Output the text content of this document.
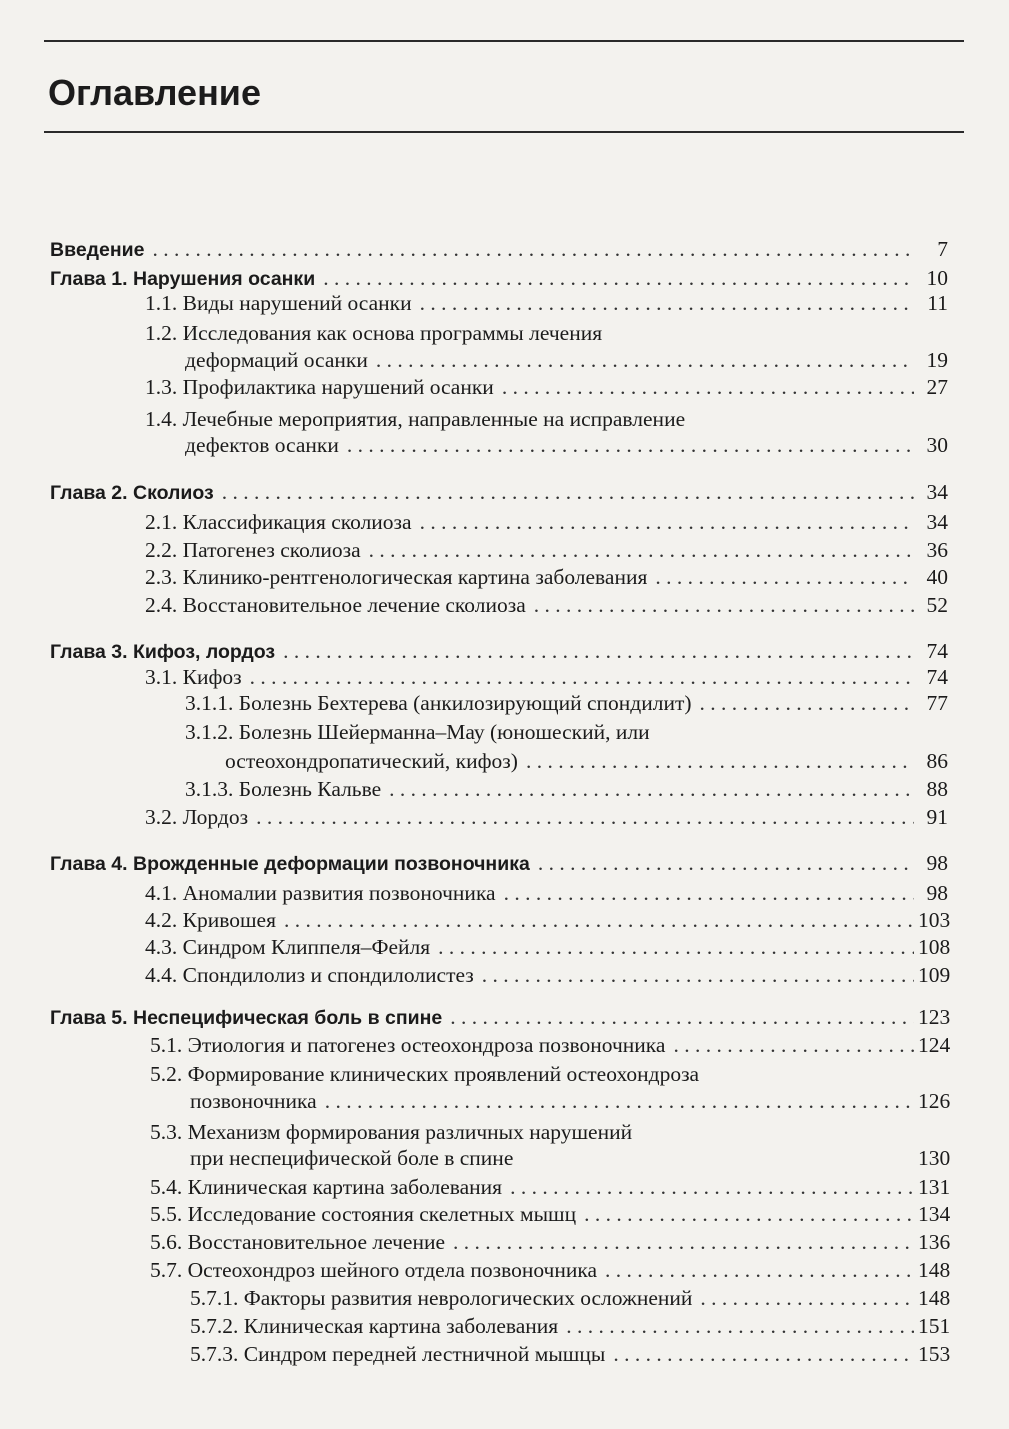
Оглавление
Введение . . .	7
Глава 1. Нарушения осанки . . .	10
1.1. Виды нарушений осанки . . .	11
1.2. Исследования как основа программы лечения
деформаций осанки . . .	19
1.3. Профилактика нарушений осанки . . .	27
1.4. Лечебные мероприятия, направленные на исправление
дефектов осанки . . .	30
Глава 2. Сколиоз . . .	34
2.1. Классификация сколиоза . . .	34
2.2. Патогенез сколиоза . . .	36
2.3. Клинико-рентгенологическая картина заболевания . . .	40
2.4. Восстановительное лечение сколиоза . . .	52
Глава 3. Кифоз, лордоз . . .	74
3.1. Кифоз . . .	74
3.1.1. Болезнь Бехтерева (анкилозирующий спондилит) . . .	77
3.1.2. Болезнь Шейерманна–Мау (юношеский, или
остеохондропатический, кифоз) . . .	86
3.1.3. Болезнь Кальве . . .	88
3.2. Лордоз . . .	91
Глава 4. Врожденные деформации позвоночника . . .	98
4.1. Аномалии развития позвоночника . . .	98
4.2. Кривошея . . .	103
4.3. Синдром Клиппеля–Фейля . . .	108
4.4. Спондилолиз и спондилолистез . . .	109
Глава 5. Неспецифическая боль в спине . . .	123
5.1. Этиология и патогенез остеохондроза позвоночника . . .	124
5.2. Формирование клинических проявлений остеохондроза
позвоночника . . .	126
5.3. Механизм формирования различных нарушений
при неспецифической боле в спине	130
5.4. Клиническая картина заболевания . . .	131
5.5. Исследование состояния скелетных мышц . . .	134
5.6. Восстановительное лечение . . .	136
5.7. Остеохондроз шейного отдела позвоночника . . .	148
5.7.1. Факторы развития неврологических осложнений . . .	148
5.7.2. Клиническая картина заболевания . . .	151
5.7.3. Синдром передней лестничной мышцы . . .	153
